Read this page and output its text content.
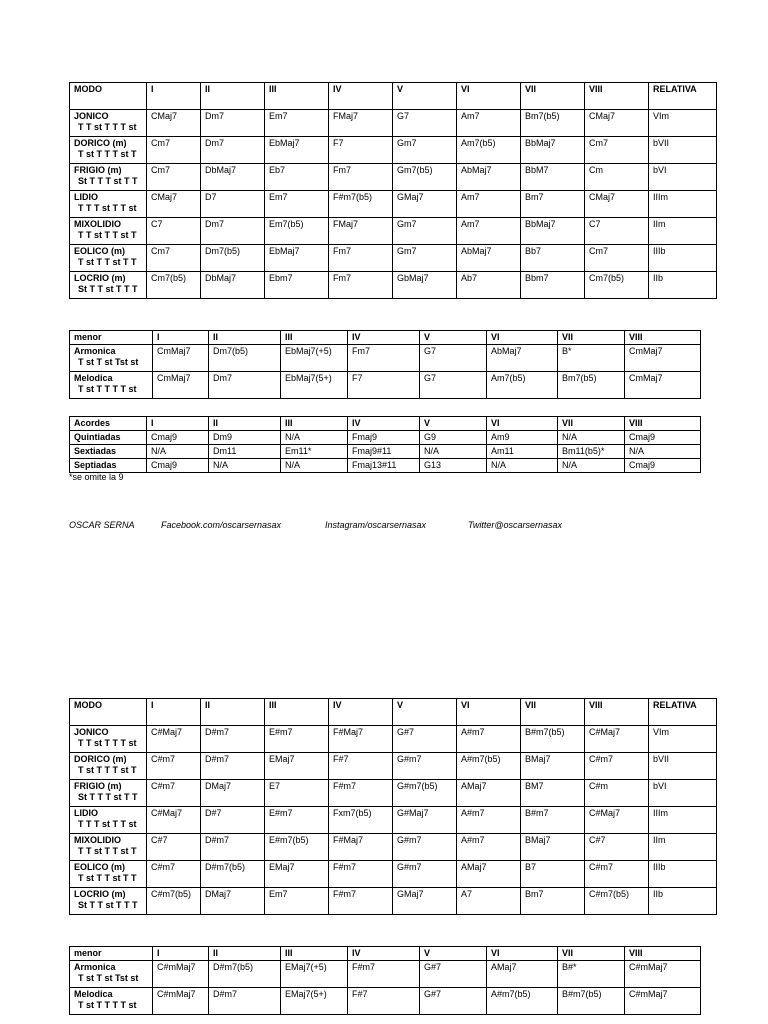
MODO	I	II	III	IV	V	VI	VII	VIII	RELATIVA

JONICO
T T st T T T st	CMaj7	Dm7	Em7	FMaj7	G7	Am7	Bm7(b5)	CMaj7	VIm

DORICO (m)
T st T T T st T	Cm7	Dm7	EbMaj7	F7	Gm7	Am7(b5)	BbMaj7	Cm7	bVII

FRIGIO (m)
St T T T st T T	Cm7	DbMaj7	Eb7	Fm7	Gm7(b5)	AbMaj7	BbM7	Cm	bVI

LIDIO
T T T st T T st	CMaj7	D7	Em7	F#m7(b5)	GMaj7	Am7	Bm7	CMaj7	IIIm

MIXOLIDIO
T T st T T st T	C7	Dm7	Em7(b5)	FMaj7	Gm7	Am7	BbMaj7	C7	IIm

EOLICO (m)
T st T T st T T	Cm7	Dm7(b5)	EbMaj7	Fm7	Gm7	AbMaj7	Bb7	Cm7	IIIb

LOCRIO (m)
St T T st T T T	Cm7(b5)	DbMaj7	Ebm7	Fm7	GbMaj7	Ab7	Bbm7	Cm7(b5)	IIb
menor	I	II	III	IV	V	VI	VII	VIII

Armonica
T st T st Tst st	CmMaj7	Dm7(b5)	EbMaj7(+5)	Fm7	G7	AbMaj7	B*	CmMaj7

Melodica
T st T T T T st	CmMaj7	Dm7	EbMaj7(5+)	F7	G7	Am7(b5)	Bm7(b5)	CmMaj7
Acordes	I	II	III	IV	V	VI	VII	VIII
Quintiadas	Cmaj9	Dm9	N/A	Fmaj9	G9	Am9	N/A	Cmaj9
Sextiadas	N/A	Dm11	Em11*	Fmaj9#11	N/A	Am11	Bm11(b5)*	N/A
Septiadas	Cmaj9	N/A	N/A	Fmaj13#11	G13	N/A	N/A	Cmaj9
*se omite la 9
OSCAR SERNA	Facebook.com/oscarsernasax	Instagram/oscarsernasax	Twitter@oscarsernasax
MODO	I	II	III	IV	V	VI	VII	VIII	RELATIVA

JONICO
T T st T T T st	C#Maj7	D#m7	E#m7	F#Maj7	G#7	A#m7	B#m7(b5)	C#Maj7	VIm

DORICO (m)
T st T T T st T	C#m7	D#m7	EMaj7	F#7	G#m7	A#m7(b5)	BMaj7	C#m7	bVII

FRIGIO (m)
St T T T st T T	C#m7	DMaj7	E7	F#m7	G#m7(b5)	AMaj7	BM7	C#m	bVI

LIDIO
T T T st T T st	C#Maj7	D#7	E#m7	Fxm7(b5)	G#Maj7	A#m7	B#m7	C#Maj7	IIIm

MIXOLIDIO
T T st T T st T	C#7	D#m7	E#m7(b5)	F#Maj7	G#m7	A#m7	BMaj7	C#7	IIm

EOLICO (m)
T st T T st T T	C#m7	D#m7(b5)	EMaj7	F#m7	G#m7	AMaj7	B7	C#m7	IIIb

LOCRIO (m)
St T T st T T T	C#m7(b5)	DMaj7	Em7	F#m7	GMaj7	A7	Bm7	C#m7(b5)	IIb
menor	I	II	III	IV	V	VI	VII	VIII

Armonica
T st T st Tst st	C#mMaj7	D#m7(b5)	EMaj7(+5)	F#m7	G#7	AMaj7	B#*	C#mMaj7

Melodica
T st T T T T st	C#mMaj7	D#m7	EMaj7(5+)	F#7	G#7	A#m7(b5)	B#m7(b5)	C#mMaj7
